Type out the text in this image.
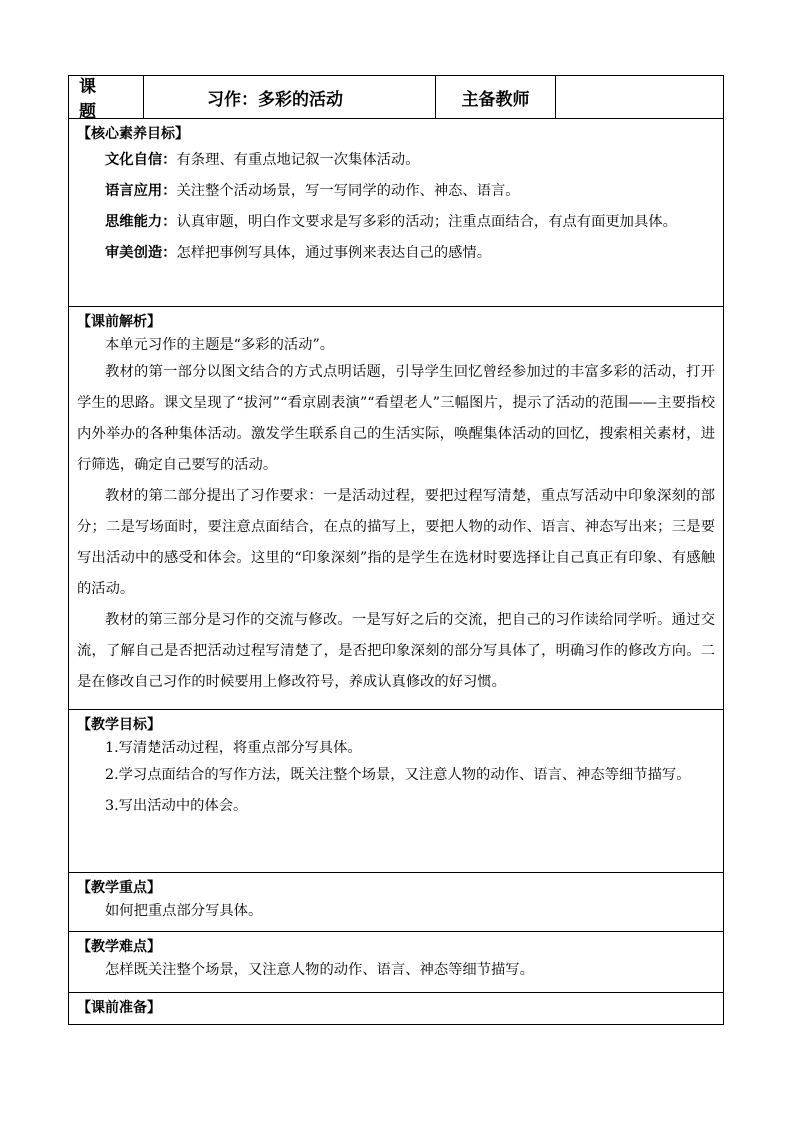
课 题
习作：多彩的活动	主备教师
【核心素养目标】

文化自信：有条理、有重点地记叙一次集体活动。

语言应用：关注整个活动场景，写一写同学的动作、神态、语言。

思维能力：认真审题，明白作文要求是写多彩的活动；注重点面结合，有点有面更加具体。

审美创造：怎样把事例写具体，通过事例来表达自己的感情。

【课前解析】

本单元习作的主题是“多彩的活动”。

教材的第一部分以图文结合的方式点明话题，引导学生回忆曾经参加过的丰富多彩的活动，打开学生的思路。课文呈现了“拔河”“看京剧表演”“看望老人”三幅图片，提示了活动的范围——主要指校内外举办的各种集体活动。激发学生联系自己的生活实际，唤醒集体活动的回忆，搜索相关素材，进行筛选，确定自己要写的活动。

教材的第二部分提出了习作要求：一是活动过程，要把过程写清楚，重点写活动中印象深刻的部分；二是写场面时，要注意点面结合，在点的描写上，要把人物的动作、语言、神态写出来；三是要写出活动中的感受和体会。这里的“印象深刻”指的是学生在选材时要选择让自己真正有印象、有感触的活动。

教材的第三部分是习作的交流与修改。一是写好之后的交流，把自己的习作读给同学听。通过交流，了解自己是否把活动过程写清楚了，是否把印象深刻的部分写具体了，明确习作的修改方向。二是在修改自己习作的时候要用上修改符号，养成认真修改的好习惯。

【教学目标】

1.写清楚活动过程，将重点部分写具体。

2.学习点面结合的写作方法，既关注整个场景，又注意人物的动作、语言、神态等细节描写。

3.写出活动中的体会。

【教学重点】

如何把重点部分写具体。

【教学难点】

怎样既关注整个场景，又注意人物的动作、语言、神态等细节描写。

【课前准备】
